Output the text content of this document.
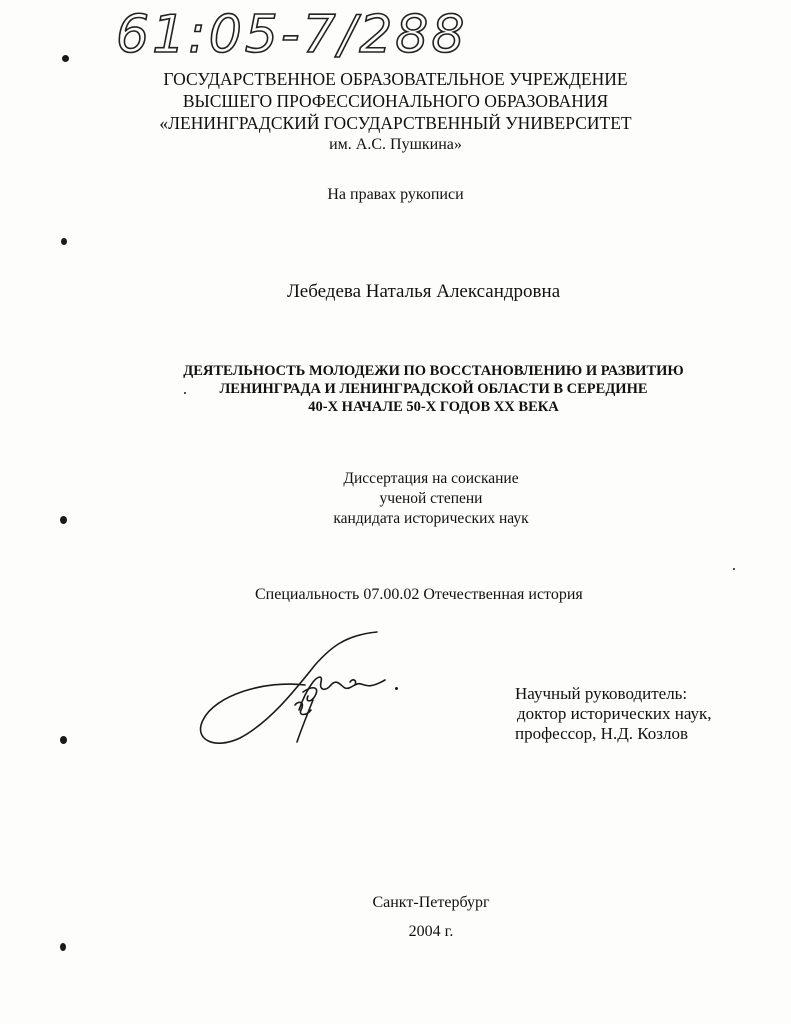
61:05-7/288
ГОСУДАРСТВЕННОЕ ОБРАЗОВАТЕЛЬНОЕ УЧРЕЖДЕНИЕ
ВЫСШЕГО ПРОФЕССИОНАЛЬНОГО ОБРАЗОВАНИЯ
«ЛЕНИНГРАДСКИЙ ГОСУДАРСТВЕННЫЙ УНИВЕРСИТЕТ
им. А.С. Пушкина»
На правах рукописи
Лебедева Наталья Александровна
ДЕЯТЕЛЬНОСТЬ МОЛОДЕЖИ ПО ВОССТАНОВЛЕНИЮ И РАЗВИТИЮ
ЛЕНИНГРАДА И ЛЕНИНГРАДСКОЙ ОБЛАСТИ В СЕРЕДИНЕ
40-Х НАЧАЛЕ 50-Х ГОДОВ XX ВЕКА
Диссертация на соискание
ученой степени
кандидата исторических наук
Специальность 07.00.02 Отечественная история
Научный руководитель:
доктор исторических наук,
профессор, Н.Д. Козлов
Санкт-Петербург
2004 г.
